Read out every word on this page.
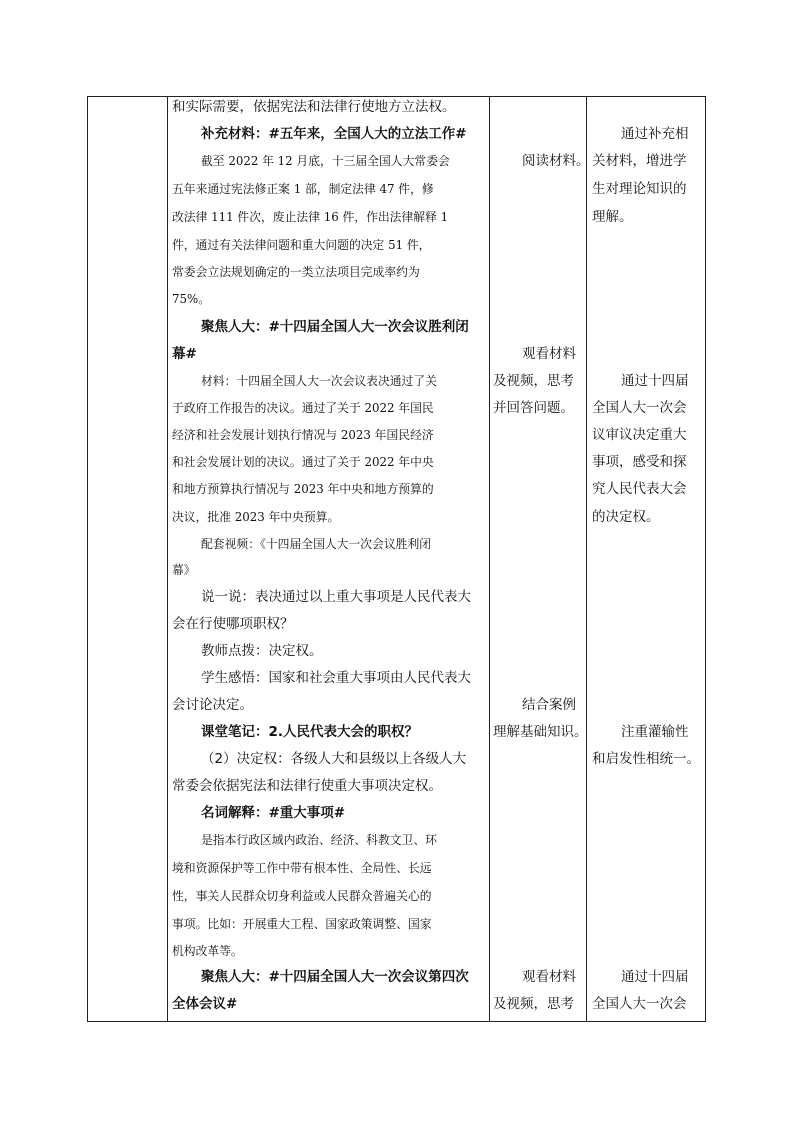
和实际需要，依据宪法和法律行使地方立法权。
补充材料：#五年来，全国人大的立法工作#
截至 2022 年 12 月底，十三届全国人大常委会
五年来通过宪法修正案 1 部，制定法律 47 件，修
改法律 111 件次，废止法律 16 件，作出法律解释 1
件，通过有关法律问题和重大问题的决定 51 件，
常委会立法规划确定的一类立法项目完成率约为
75%。
聚焦人大：#十四届全国人大一次会议胜利闭
幕#
材料：十四届全国人大一次会议表决通过了关
于政府工作报告的决议。通过了关于 2022 年国民
经济和社会发展计划执行情况与 2023 年国民经济
和社会发展计划的决议。通过了关于 2022 年中央
和地方预算执行情况与 2023 年中央和地方预算的
决议，批准 2023 年中央预算。
配套视频：《十四届全国人大一次会议胜利闭
幕》
说一说：表决通过以上重大事项是人民代表大
会在行使哪项职权？
教师点拨：决定权。
学生感悟：国家和社会重大事项由人民代表大
会讨论决定。
课堂笔记：2.人民代表大会的职权？
（2）决定权：各级人大和县级以上各级人大
常委会依据宪法和法律行使重大事项决定权。
名词解释：#重大事项#
是指本行政区域内政治、经济、科教文卫、环
境和资源保护等工作中带有根本性、全局性、长远
性，事关人民群众切身利益或人民群众普遍关心的
事项。比如：开展重大工程、国家政策调整、国家
机构改革等。
聚焦人大：#十四届全国人大一次会议第四次
全体会议#
阅读材料。
观看材料
及视频，思考
并回答问题。
结合案例
理解基础知识。
观看材料
及视频，思考
通过补充相
关材料，增进学
生对理论知识的
理解。
通过十四届
全国人大一次会
议审议决定重大
事项，感受和探
究人民代表大会
的决定权。
注重灌输性
和启发性相统一。
通过十四届
全国人大一次会
